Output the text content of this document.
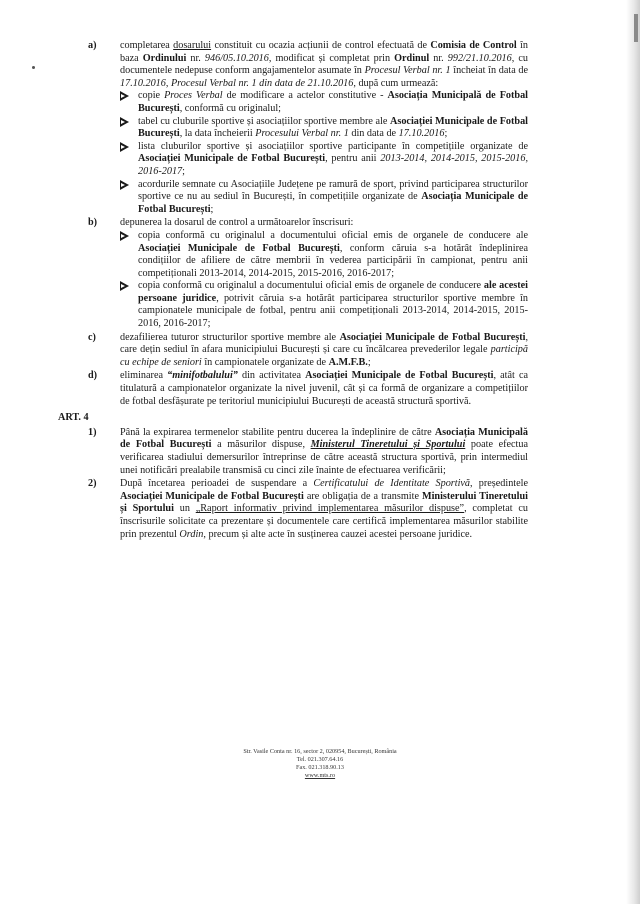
a) completarea dosarului constituit cu ocazia acțiunii de control efectuată de Comisia de Control în baza Ordinului nr. 946/05.10.2016, modificat și completat prin Ordinul nr. 992/21.10.2016, cu documentele nedepuse conform angajamentelor asumate în Procesul Verbal nr. 1 încheiat în data de 17.10.2016, Procesul Verbal nr. 1 din data de 21.10.2016, după cum urmează:
copie Proces Verbal de modificare a actelor constitutive - Asociația Municipală de Fotbal București, conformă cu originalul;
tabel cu cluburile sportive și asociațiilor sportive membre ale Asociației Municipale de Fotbal București, la data încheierii Procesului Verbal nr. 1 din data de 17.10.2016;
lista cluburilor sportive și asociațiilor sportive participante în competițiile organizate de Asociației Municipale de Fotbal București, pentru anii 2013-2014, 2014-2015, 2015-2016, 2016-2017;
acordurile semnate cu Asociațiile Județene pe ramură de sport, privind participarea structurilor sportive ce nu au sediul în București, în competițiile organizate de Asociația Municipale de Fotbal București;
b) depunerea la dosarul de control a următoarelor înscrisuri:
copia conformă cu originalul a documentului oficial emis de organele de conducere ale Asociației Municipale de Fotbal București, conform căruia s-a hotărât îndeplinirea condițiilor de afiliere de către membrii în vederea participării în campionat, pentru anii competiționali 2013-2014, 2014-2015, 2015-2016, 2016-2017;
copia conformă cu originalul a documentului oficial emis de organele de conducere ale acestei persoane juridice, potrivit căruia s-a hotărât participarea structurilor sportive membre în campionatele municipale de fotbal, pentru anii competiționali 2013-2014, 2014-2015, 2015-2016, 2016-2017;
c) dezafilierea tuturor structurilor sportive membre ale Asociației Municipale de Fotbal București, care dețin sediul în afara municipiului București și care cu încălcarea prevederilor legale participă cu echipe de seniori în campionatele organizate de A.M.F.B.;
d) eliminarea “minifotbalului” din activitatea Asociației Municipale de Fotbal București, atât ca titulatură a campionatelor organizate la nivel juvenil, cât și ca formă de organizare a competițiilor de fotbal desfășurate pe teritoriul municipiului București de această structură sportivă.
ART. 4
1) Până la expirarea termenelor stabilite pentru ducerea la îndeplinire de către Asociația Municipală de Fotbal București a măsurilor dispuse, Ministerul Tineretului și Sportului poate efectua verificarea stadiului demersurilor întreprinse de către această structura sportivă, prin intermediul unei notificări prealabile transmisă cu cinci zile înainte de efectuarea verificării;
2) După încetarea perioadei de suspendare a Certificatului de Identitate Sportivă, președintele Asociației Municipale de Fotbal București are obligația de a transmite Ministerului Tineretului și Sportului un „Raport informativ privind implementarea măsurilor dispuse”, completat cu înscrisurile solicitate ca prezentare și documentele care certifică implementarea măsurilor stabilite prin prezentul Ordin, precum și alte acte în susținerea cauzei acestei persoane juridice.
Str. Vasile Conta nr. 16, sector 2, 020954, București, România
Tel. 021.307.64.16
Fax. 021.318.90.13
www.mts.ro
